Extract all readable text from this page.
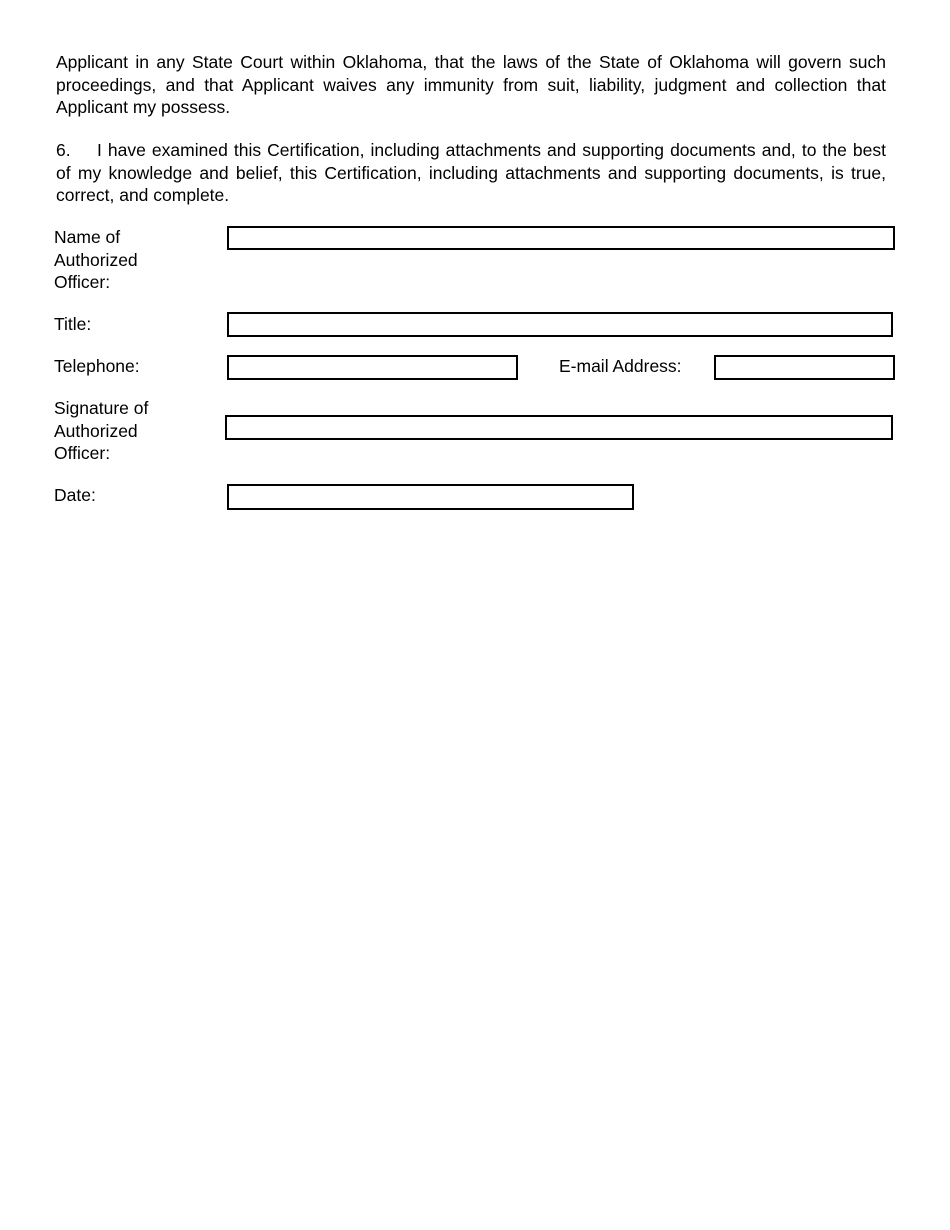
Applicant in any State Court within Oklahoma, that the laws of the State of Oklahoma will govern such proceedings, and that Applicant waives any immunity from suit, liability, judgment and collection that Applicant my possess.

6. I have examined this Certification, including attachments and supporting documents and, to the best of my knowledge and belief, this Certification, including attachments and supporting documents, is true, correct, and complete.

Name of
Authorized
Officer:
Title:
Telephone:	E-mail Address:
Signature of
Authorized
Officer:
Date:
